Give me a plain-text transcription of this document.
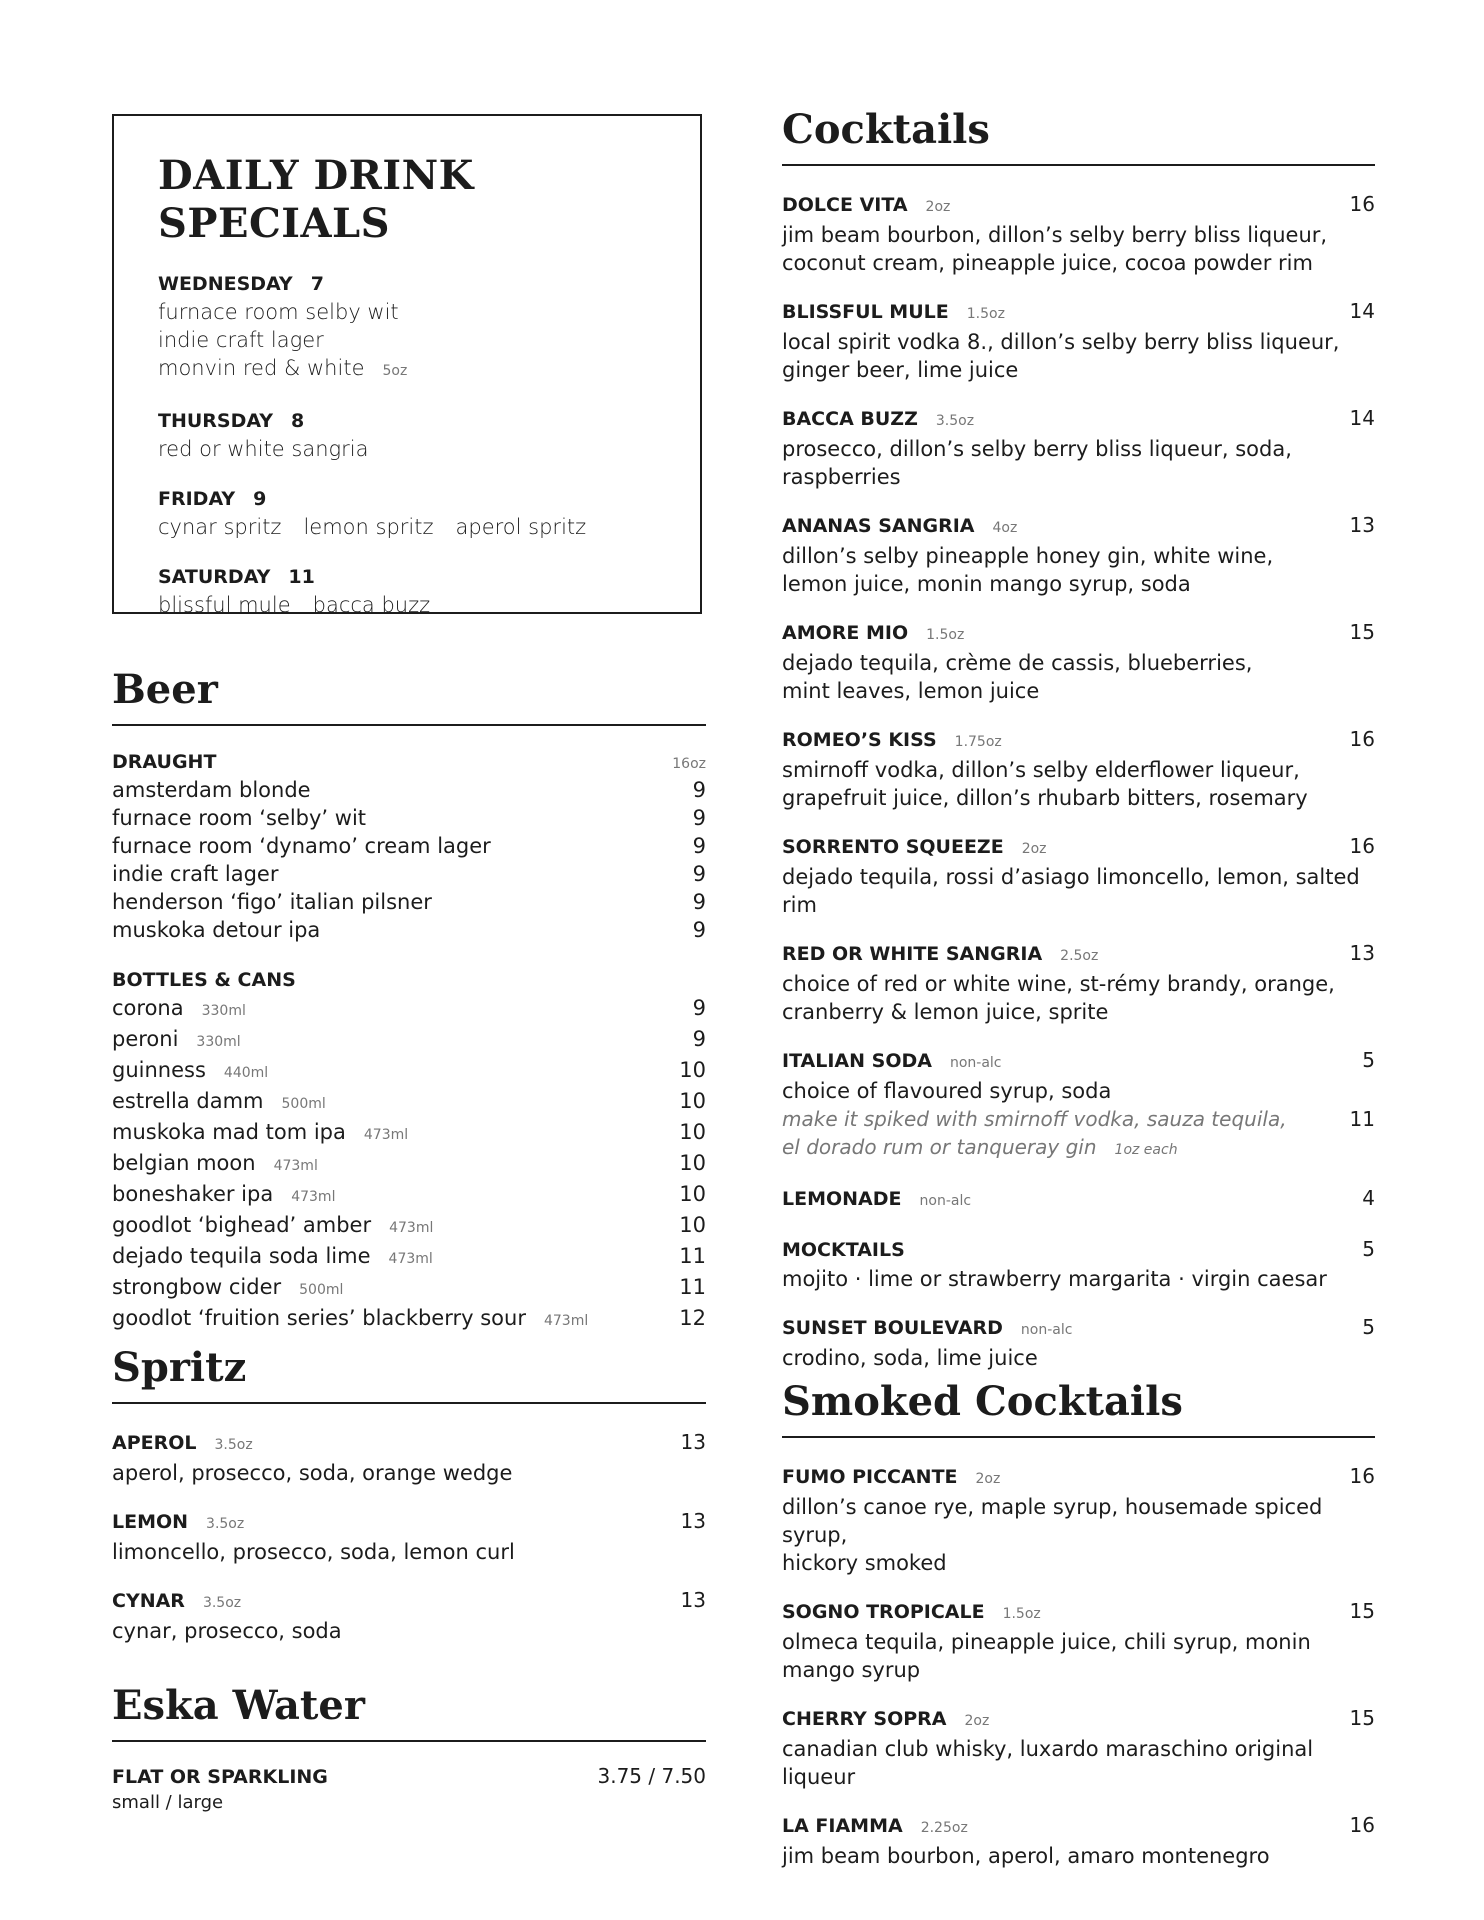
DAILY DRINK SPECIALS
WEDNESDAY 7
furnace room selby wit
indie craft lager
monvin red & white 5oz
THURSDAY 8
red or white sangria
FRIDAY 9
cynar spritz lemon spritz aperol spritz
SATURDAY 11
blissful mule bacca buzz
Beer
DRAUGHT	16oz
amsterdam blonde	9
furnace room ‘selby’ wit	9
furnace room ‘dynamo’ cream lager	9
indie craft lager	9
henderson ‘figo’ italian pilsner	9
muskoka detour ipa	9
BOTTLES & CANS
corona 330ml	9
peroni 330ml	9
guinness 440ml	10
estrella damm 500ml	10
muskoka mad tom ipa 473ml	10
belgian moon 473ml	10
boneshaker ipa 473ml	10
goodlot ‘bighead’ amber 473ml	10
dejado tequila soda lime 473ml	11
strongbow cider 500ml	11
goodlot ‘fruition series’ blackberry sour 473ml	12
Spritz
APEROL 3.5oz	13
aperol, prosecco, soda, orange wedge
LEMON 3.5oz	13
limoncello, prosecco, soda, lemon curl
CYNAR 3.5oz	13
cynar, prosecco, soda
Eska Water
FLAT OR SPARKLING	3.75 / 7.50
small / large
Cocktails
DOLCE VITA 2oz	16
jim beam bourbon, dillon’s selby berry bliss liqueur,
coconut cream, pineapple juice, cocoa powder rim
BLISSFUL MULE 1.5oz	14
local spirit vodka 8., dillon’s selby berry bliss liqueur,
ginger beer, lime juice
BACCA BUZZ 3.5oz	14
prosecco, dillon’s selby berry bliss liqueur, soda, raspberries
ANANAS SANGRIA 4oz	13
dillon’s selby pineapple honey gin, white wine,
lemon juice, monin mango syrup, soda
AMORE MIO 1.5oz	15
dejado tequila, crème de cassis, blueberries,
mint leaves, lemon juice
ROMEO’S KISS 1.75oz	16
smirnoff vodka, dillon’s selby elderflower liqueur,
grapefruit juice, dillon’s rhubarb bitters, rosemary
SORRENTO SQUEEZE 2oz	16
dejado tequila, rossi d’asiago limoncello, lemon, salted rim
RED OR WHITE SANGRIA 2.5oz	13
choice of red or white wine, st-rémy brandy, orange,
cranberry & lemon juice, sprite
ITALIAN SODA non-alc	5
choice of flavoured syrup, soda
make it spiked with smirnoff vodka, sauza tequila,	11
el dorado rum or tanqueray gin 1oz each
LEMONADE non-alc	4
MOCKTAILS	5
mojito · lime or strawberry margarita · virgin caesar
SUNSET BOULEVARD non-alc	5
crodino, soda, lime juice
Smoked Cocktails
FUMO PICCANTE 2oz	16
dillon’s canoe rye, maple syrup, housemade spiced syrup,
hickory smoked
SOGNO TROPICALE 1.5oz	15
olmeca tequila, pineapple juice, chili syrup, monin mango syrup
CHERRY SOPRA 2oz	15
canadian club whisky, luxardo maraschino original liqueur
LA FIAMMA 2.25oz	16
jim beam bourbon, aperol, amaro montenegro
